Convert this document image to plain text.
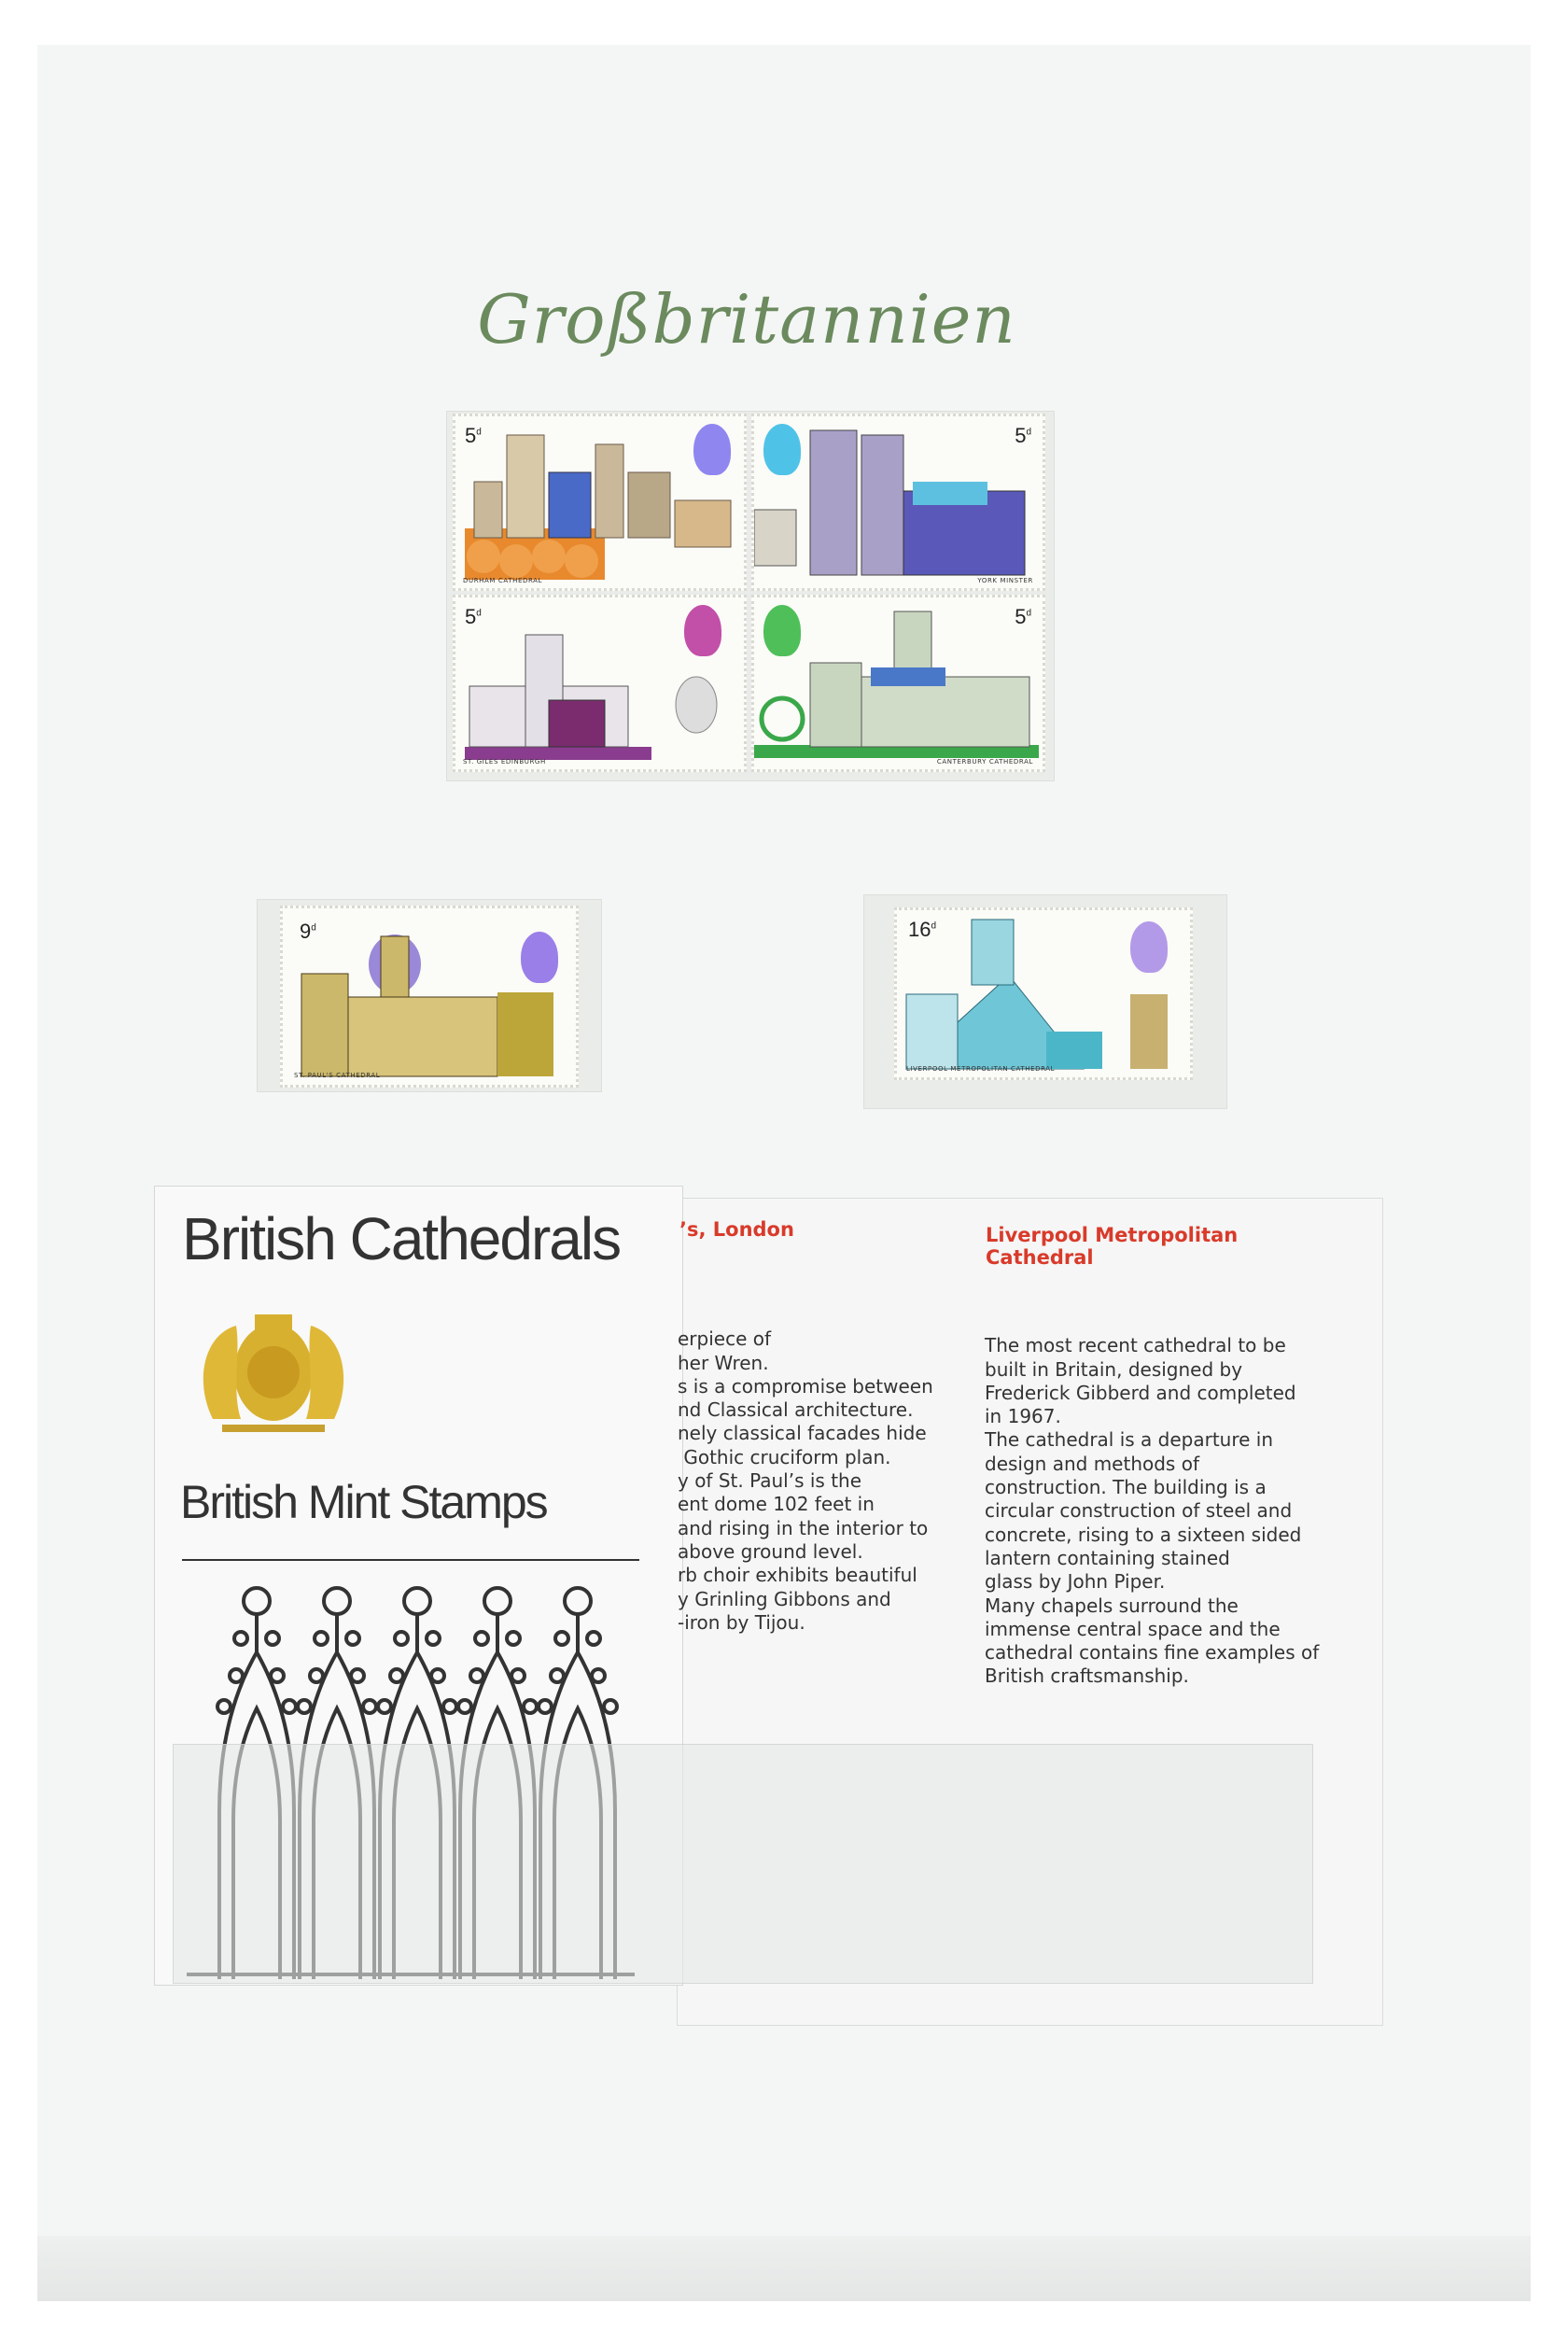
Großbritannien
5$^d$
DURHAM CATHEDRAL
5$^d$
YORK MINSTER
5$^d$
ST. GILES EDINBURGH
5$^d$
CANTERBURY CATHEDRAL
9$^d$
ST. PAUL'S CATHEDRAL
16$^d$
LIVERPOOL METROPOLITAN CATHEDRAL
British Cathedrals
British Mint Stamps
’s, London

erpiece of
her Wren.
s is a compromise between
nd Classical architecture.
nely classical facades hide
Gothic cruciform plan.
y of St. Paul’s is the
ent dome 102 feet in
and rising in the interior to
above ground level.
rb choir exhibits beautiful
y Grinling Gibbons and
-iron by Tijou.

Liverpool Metropolitan
Cathedral

The most recent cathedral to be
built in Britain, designed by
Frederick Gibberd and completed
in 1967.
The cathedral is a departure in
design and methods of
construction. The building is a
circular construction of steel and
concrete, rising to a sixteen sided
lantern containing stained
glass by John Piper.
Many chapels surround the
immense central space and the
cathedral contains fine examples of
British craftsmanship.
